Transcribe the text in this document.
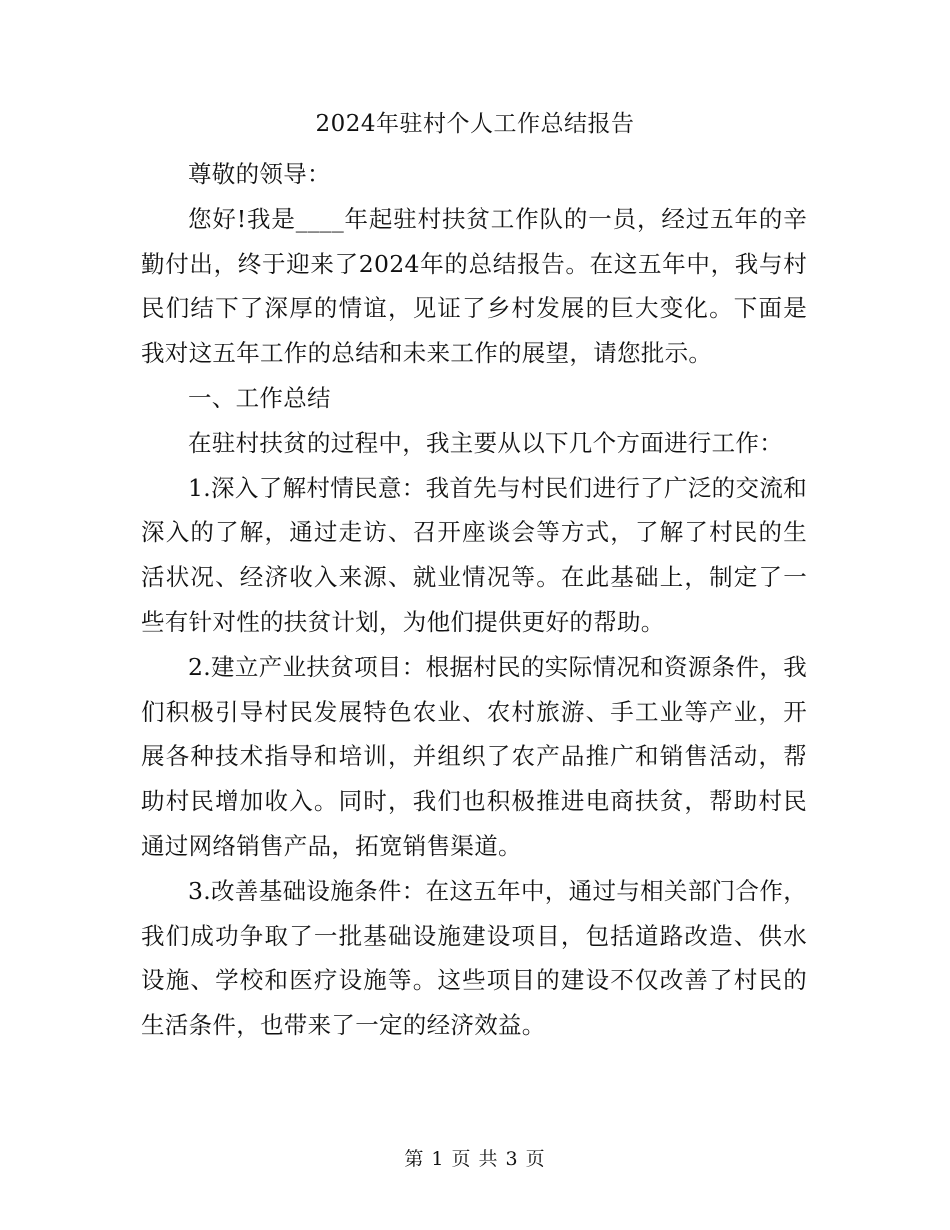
2024年驻村个人工作总结报告

尊敬的领导：

您好!我是____年起驻村扶贫工作队的一员，经过五年的辛勤付出，终于迎来了2024年的总结报告。在这五年中，我与村民们结下了深厚的情谊，见证了乡村发展的巨大变化。下面是我对这五年工作的总结和未来工作的展望，请您批示。

一、工作总结

在驻村扶贫的过程中，我主要从以下几个方面进行工作：

1.深入了解村情民意：我首先与村民们进行了广泛的交流和深入的了解，通过走访、召开座谈会等方式，了解了村民的生活状况、经济收入来源、就业情况等。在此基础上，制定了一些有针对性的扶贫计划，为他们提供更好的帮助。

2.建立产业扶贫项目：根据村民的实际情况和资源条件，我们积极引导村民发展特色农业、农村旅游、手工业等产业，开展各种技术指导和培训，并组织了农产品推广和销售活动，帮助村民增加收入。同时，我们也积极推进电商扶贫，帮助村民通过网络销售产品，拓宽销售渠道。

3.改善基础设施条件：在这五年中，通过与相关部门合作，我们成功争取了一批基础设施建设项目，包括道路改造、供水设施、学校和医疗设施等。这些项目的建设不仅改善了村民的生活条件，也带来了一定的经济效益。

第 1 页 共 3 页
